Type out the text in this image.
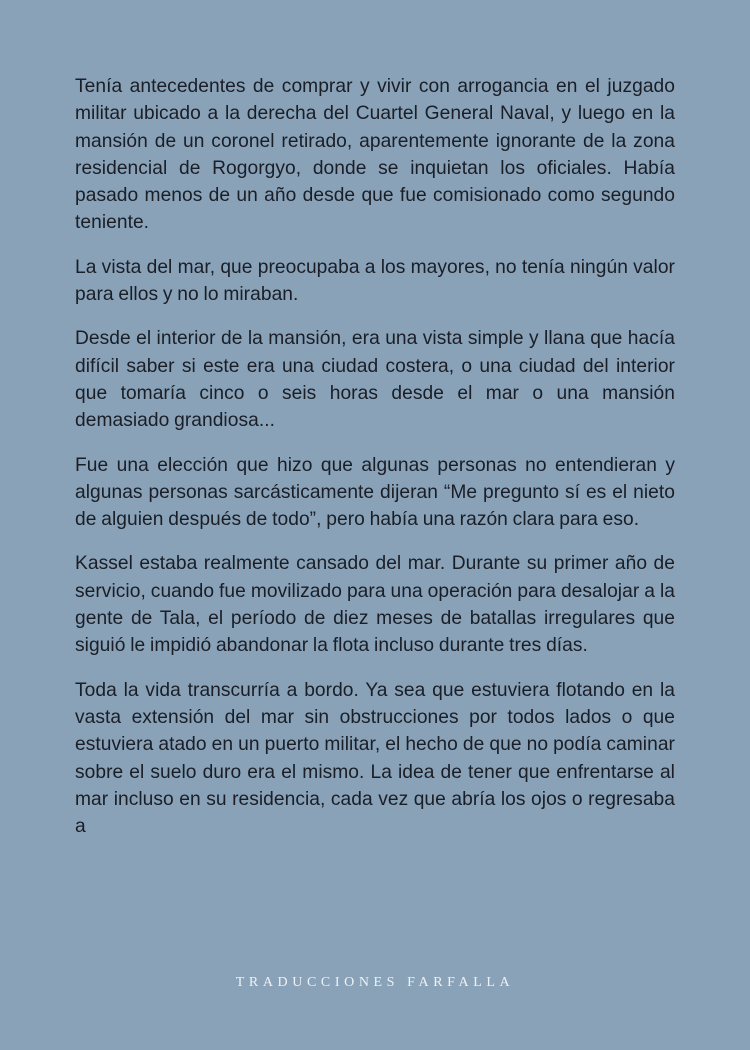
Tenía antecedentes de comprar y vivir con arrogancia en el juzgado militar ubicado a la derecha del Cuartel General Naval, y luego en la mansión de un coronel retirado, aparentemente ignorante de la zona residencial de Rogorgyo, donde se inquietan los oficiales. Había pasado menos de un año desde que fue comisionado como segundo teniente.

La vista del mar, que preocupaba a los mayores, no tenía ningún valor para ellos y no lo miraban.

Desde el interior de la mansión, era una vista simple y llana que hacía difícil saber si este era una ciudad costera, o una ciudad del interior que tomaría cinco o seis horas desde el mar o una mansión demasiado grandiosa...

Fue una elección que hizo que algunas personas no entendieran y algunas personas sarcásticamente dijeran “Me pregunto sí es el nieto de alguien después de todo”, pero había una razón clara para eso.

Kassel estaba realmente cansado del mar. Durante su primer año de servicio, cuando fue movilizado para una operación para desalojar a la gente de Tala, el período de diez meses de batallas irregulares que siguió le impidió abandonar la flota incluso durante tres días.

Toda la vida transcurría a bordo. Ya sea que estuviera flotando en la vasta extensión del mar sin obstrucciones por todos lados o que estuviera atado en un puerto militar, el hecho de que no podía caminar sobre el suelo duro era el mismo. La idea de tener que enfrentarse al mar incluso en su residencia, cada vez que abría los ojos o regresaba a

TRADUCCIONES FARFALLA
